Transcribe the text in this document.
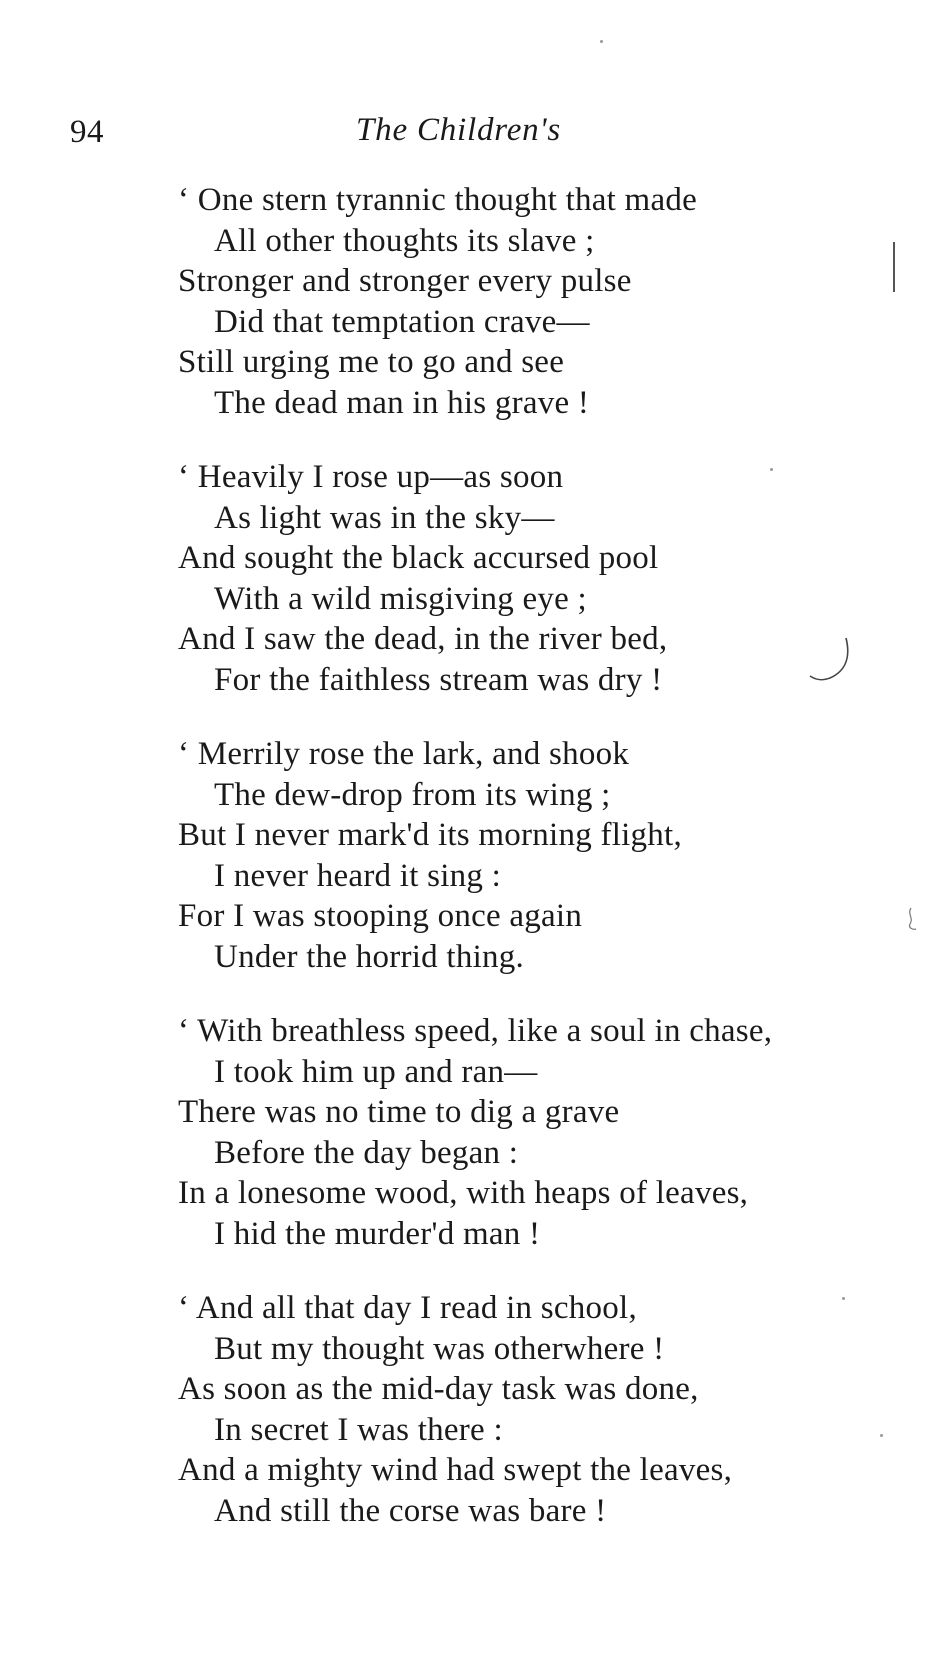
94	The Children's
‘ One stern tyrannic thought that made
All other thoughts its slave ;
Stronger and stronger every pulse
Did that temptation crave—
Still urging me to go and see
The dead man in his grave !
‘ Heavily I rose up—as soon
As light was in the sky—
And sought the black accursed pool
With a wild misgiving eye ;
And I saw the dead, in the river bed,
For the faithless stream was dry !
‘ Merrily rose the lark, and shook
The dew-drop from its wing ;
But I never mark'd its morning flight,
I never heard it sing :
For I was stooping once again
Under the horrid thing.
‘ With breathless speed, like a soul in chase,
I took him up and ran—
There was no time to dig a grave
Before the day began :
In a lonesome wood, with heaps of leaves,
I hid the murder'd man !
‘ And all that day I read in school,
But my thought was otherwhere !
As soon as the mid-day task was done,
In secret I was there :
And a mighty wind had swept the leaves,
And still the corse was bare !
